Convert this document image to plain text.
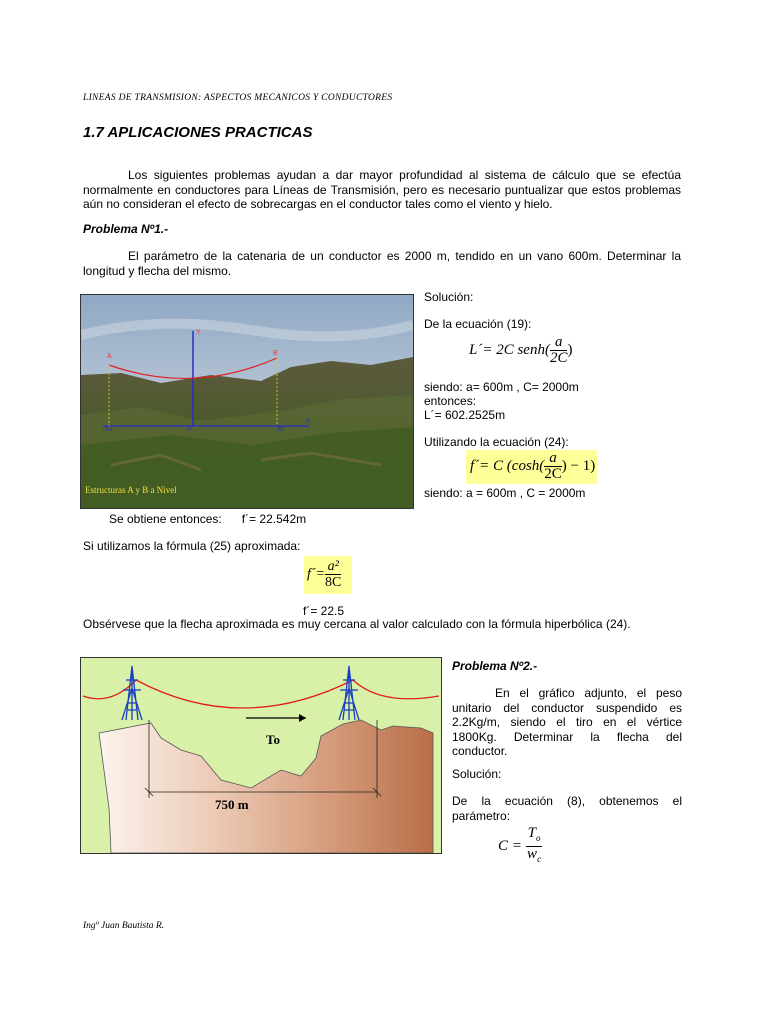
LINEAS DE TRANSMISION: ASPECTOS MECANICOS Y CONDUCTORES
1.7 APLICACIONES PRACTICAS
Los siguientes problemas ayudan a dar mayor profundidad al sistema de cálculo que se efectúa normalmente en conductores para Líneas de Transmisión, pero es necesario puntualizar que estos problemas aún no consideran el efecto de sobrecargas en el conductor tales como el viento y hielo.
Problema Nº1.-
El parámetro de la catenaria de un conductor es 2000 m, tendido en un vano 600m. Determinar la longitud y flecha del mismo.
Y
A	B
X
Xa	O	Xb
Estructuras A y B a Nivel
Solución:
De la ecuación (19):
L´= 2C senh( $\frac{a}{2C}$ )
siendo: a= 600m , C= 2000m
entonces:
L´= 602.2525m
Utilizando la ecuación (24):
f´= C ($\cosh( \frac{a}{2C}$ ) − 1)
siendo: a = 600m , C = 2000m
Se obtiene entonces:      f´= 22.542m
Si utilizamos la fórmula (25) aproximada:
f´= $\frac{\text{a²}}{8C}$
f´= 22.5
Obsérvese que la flecha aproximada es muy cercana al valor calculado con la fórmula hiperbólica (24).
To
750 m
Problema Nº2.-
En el gráfico adjunto, el peso unitario del conductor suspendido es 2.2Kg/m, siendo el tiro en el vértice 1800Kg. Determinar la flecha del conductor.
Solución:
De la ecuación (8), obtenemos el parámetro:
$C = \frac{T_o}{w_c}$
Ingº Juan Bautista R.
